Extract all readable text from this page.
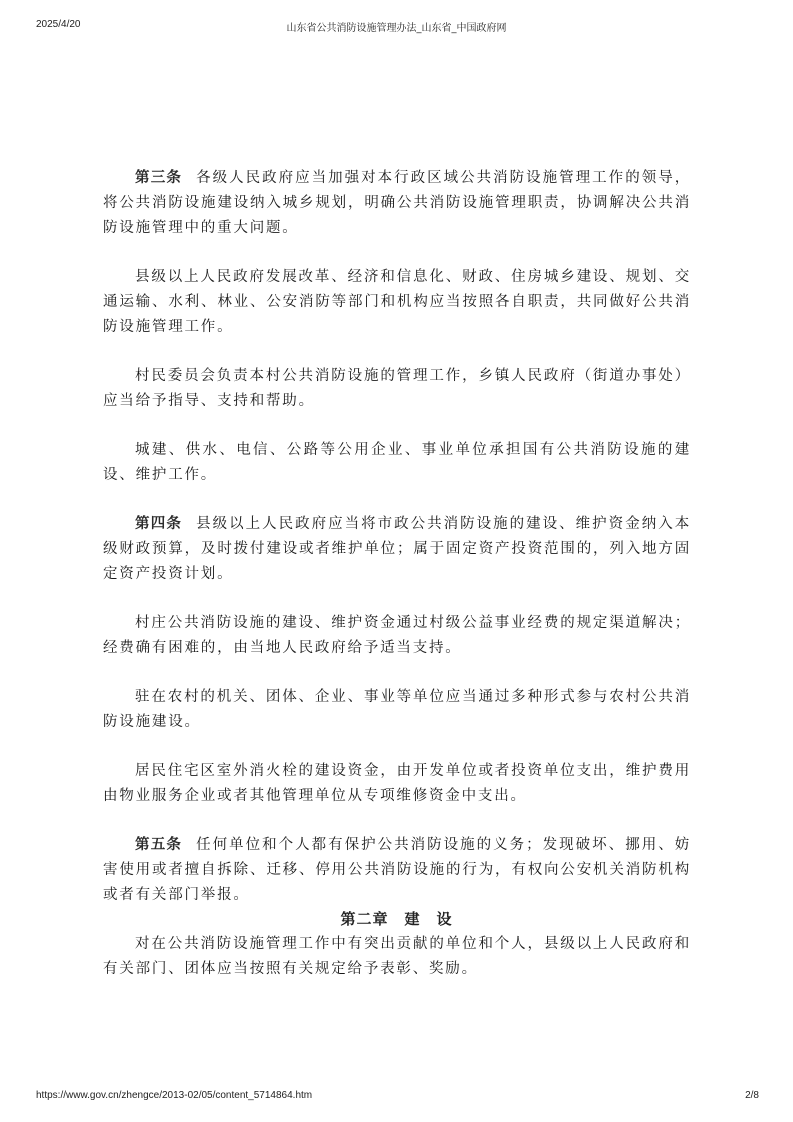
2025/4/20	山东省公共消防设施管理办法_山东省_中国政府网

第三条 各级人民政府应当加强对本行政区域公共消防设施管理工作的领导，将公共消防设施建设纳入城乡规划，明确公共消防设施管理职责，协调解决公共消防设施管理中的重大问题。

县级以上人民政府发展改革、经济和信息化、财政、住房城乡建设、规划、交通运输、水利、林业、公安消防等部门和机构应当按照各自职责，共同做好公共消防设施管理工作。

村民委员会负责本村公共消防设施的管理工作，乡镇人民政府（街道办事处）应当给予指导、支持和帮助。

城建、供水、电信、公路等公用企业、事业单位承担国有公共消防设施的建设、维护工作。

第四条 县级以上人民政府应当将市政公共消防设施的建设、维护资金纳入本级财政预算，及时拨付建设或者维护单位；属于固定资产投资范围的，列入地方固定资产投资计划。

村庄公共消防设施的建设、维护资金通过村级公益事业经费的规定渠道解决；经费确有困难的，由当地人民政府给予适当支持。

驻在农村的机关、团体、企业、事业等单位应当通过多种形式参与农村公共消防设施建设。

居民住宅区室外消火栓的建设资金，由开发单位或者投资单位支出，维护费用由物业服务企业或者其他管理单位从专项维修资金中支出。

第五条 任何单位和个人都有保护公共消防设施的义务；发现破坏、挪用、妨害使用或者擅自拆除、迁移、停用公共消防设施的行为，有权向公安机关消防机构或者有关部门举报。

对在公共消防设施管理工作中有突出贡献的单位和个人，县级以上人民政府和有关部门、团体应当按照有关规定给予表彰、奖励。

第二章　建　设
https://www.gov.cn/zhengce/2013-02/05/content_5714864.htm	2/8
